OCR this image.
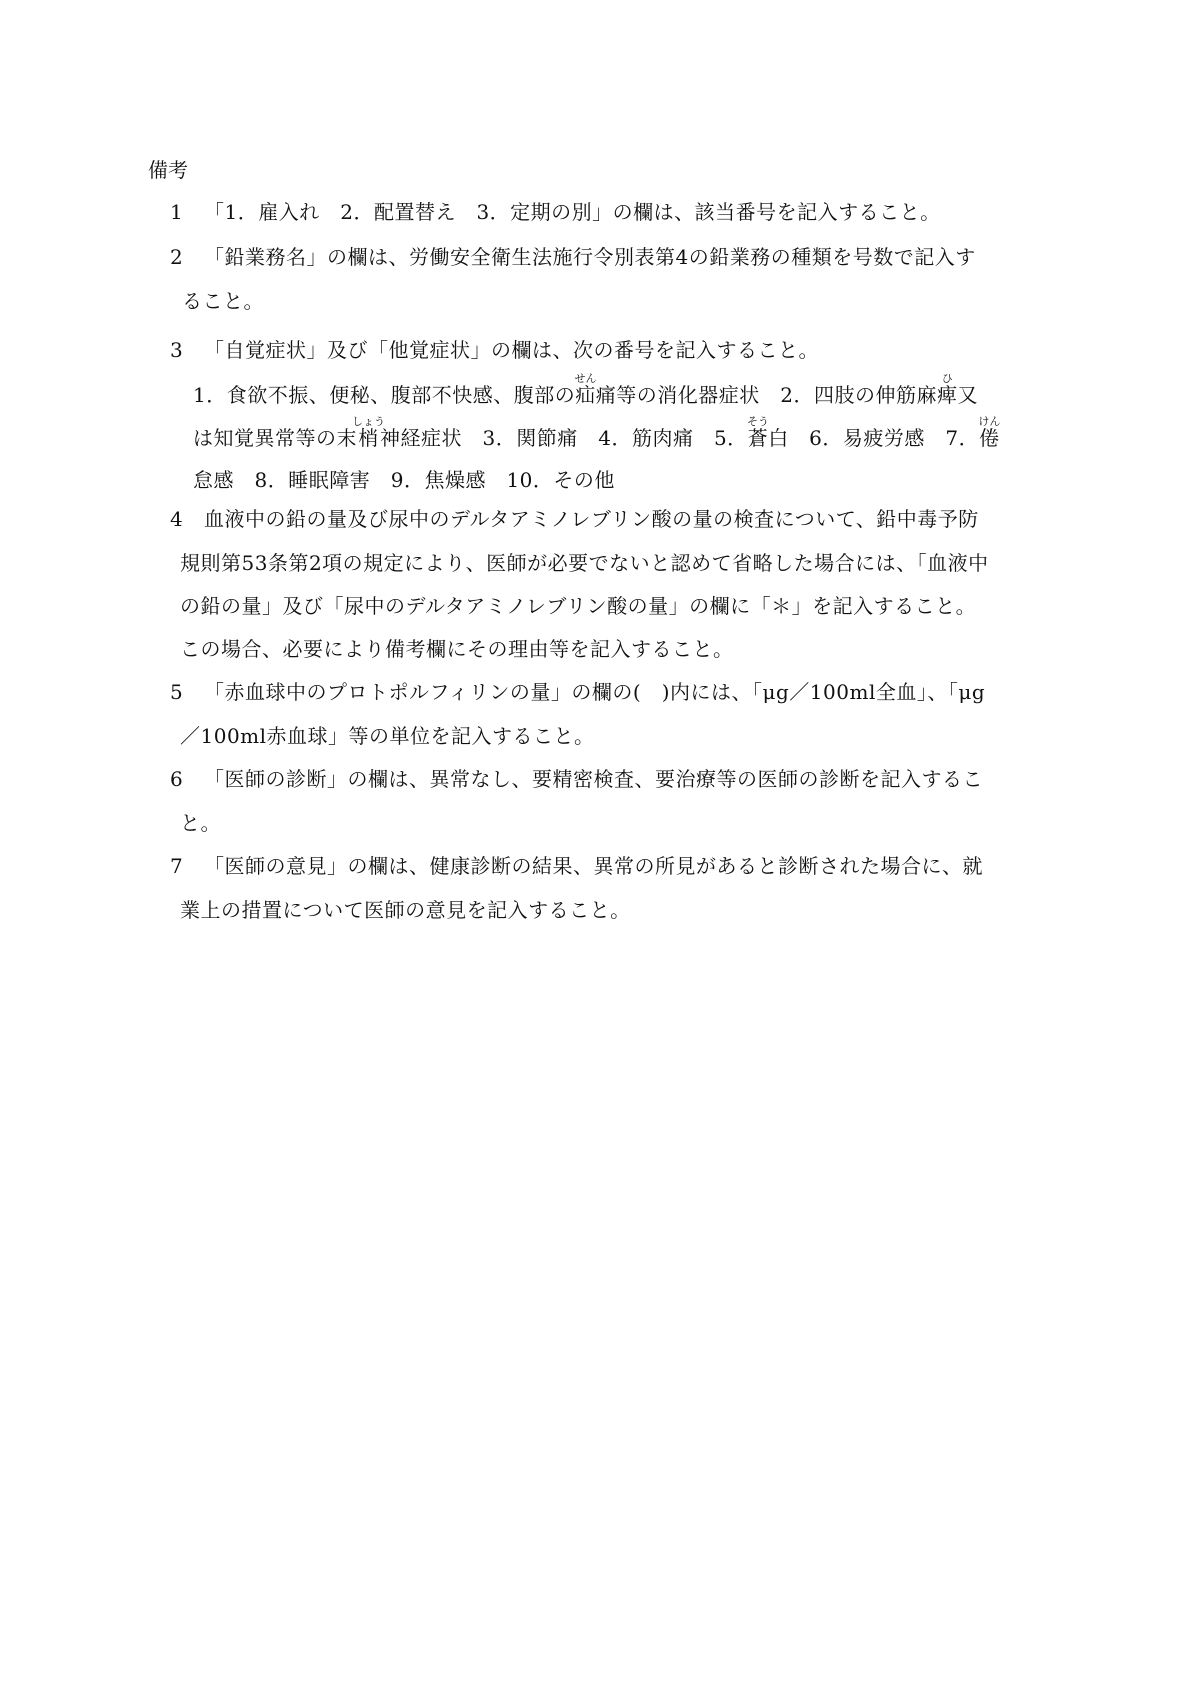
備考
1 「1．雇入れ　2．配置替え　3．定期の別」の欄は、該当番号を記入すること。
2 「鉛業務名」の欄は、労働安全衛生法施行令別表第4の鉛業務の種類を号数で記入す
ること。
3 「自覚症状」及び「他覚症状」の欄は、次の番号を記入すること。
1．食欲不振、便秘、腹部不快感、腹部の疝せん痛等の消化器症状　2．四肢の伸筋麻痺ひ又
は知覚異常等の末梢しょう神経症状　3．関節痛　4．筋肉痛　5．蒼そう白　6．易疲労感　7．倦けん
怠感　8．睡眠障害　9．焦燥感　10．その他
4 血液中の鉛の量及び尿中のデルタアミノレブリン酸の量の検査について、鉛中毒予防
規則第53条第2項の規定により、医師が必要でないと認めて省略した場合には、「血液中
の鉛の量」及び「尿中のデルタアミノレブリン酸の量」の欄に「＊」を記入すること。
この場合、必要により備考欄にその理由等を記入すること。
5 「赤血球中のプロトポルフィリンの量」の欄の(　)内には、「μg／100ml全血」、「μg
／100ml赤血球」等の単位を記入すること。
6 「医師の診断」の欄は、異常なし、要精密検査、要治療等の医師の診断を記入するこ
と。
7 「医師の意見」の欄は、健康診断の結果、異常の所見があると診断された場合に、就
業上の措置について医師の意見を記入すること。
